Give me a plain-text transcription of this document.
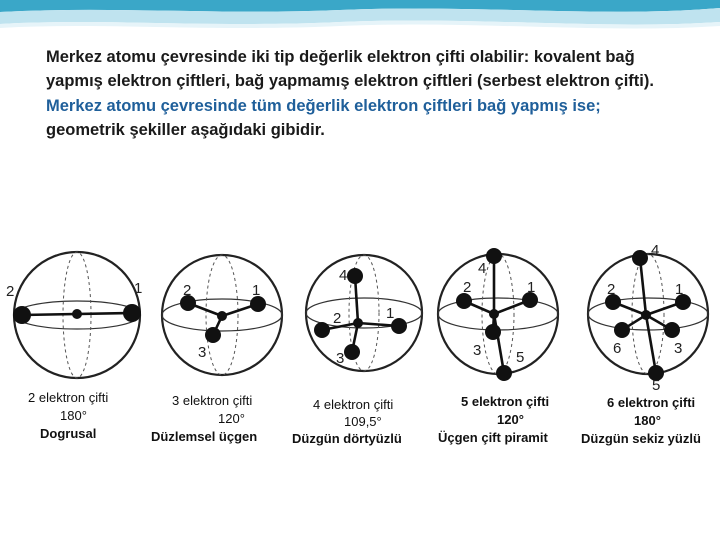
Merkez atomu çevresinde iki tip değerlik elektron çifti olabilir: kovalent bağ yapmış elektron çiftleri, bağ yapmamış elektron çiftleri (serbest elektron çifti).

Merkez atomu çevresinde tüm değerlik elektron çiftleri bağ yapmış ise;
geometrik şekiller aşağıdaki gibidir.

2	1
2 elektron çifti
180°
Dogrusal
2	1
3
3 elektron çifti
120°
Düzlemsel üçgen
4
2	1
3
4 elektron çifti
109,5°
Düzgün dörtyüzlü
4
2	1
3 5
5 elektron çifti
120°
Üçgen çift piramit
4
2	1
6	3
5
6 elektron çifti
180°
Düzgün sekiz yüzlü
